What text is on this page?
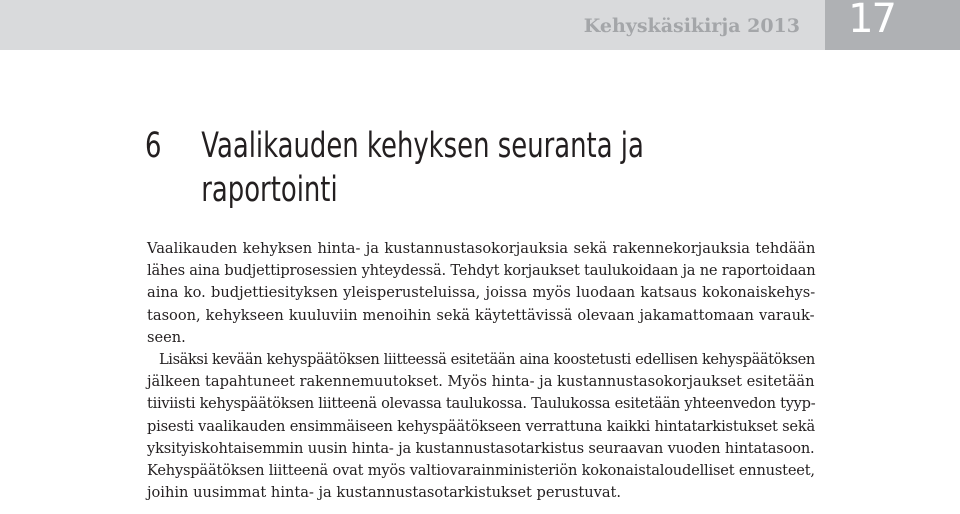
Kehyskäsikirja 2013 17
6 Vaalikauden kehyksen seuranta ja
raportointi
Vaalikauden kehyksen hinta- ja kustannustasokorjauksia sekä rakennekorjauksia tehdään
lähes aina budjettiprosessien yhteydessä. Tehdyt korjaukset taulukoidaan ja ne raportoidaan
aina ko. budjettiesityksen yleisperusteluissa, joissa myös luodaan katsaus kokonaiskehys-
tasoon, kehykseen kuuluviin menoihin sekä käytettävissä olevaan jakamattomaan varauk-
seen.
Lisäksi kevään kehyspäätöksen liitteessä esitetään aina koostetusti edellisen kehyspäätöksen
jälkeen tapahtuneet rakennemuutokset. Myös hinta- ja kustannustasokorjaukset esitetään
tiiviisti kehyspäätöksen liitteenä olevassa taulukossa. Taulukossa esitetään yhteenvedon tyyp-
pisesti vaalikauden ensimmäiseen kehyspäätökseen verrattuna kaikki hintatarkistukset sekä
yksityiskohtaisemmin uusin hinta- ja kustannustasotarkistus seuraavan vuoden hintatasoon.
Kehyspäätöksen liitteenä ovat myös valtiovarainministeriön kokonaistaloudelliset ennusteet,
joihin uusimmat hinta- ja kustannustasotarkistukset perustuvat.
